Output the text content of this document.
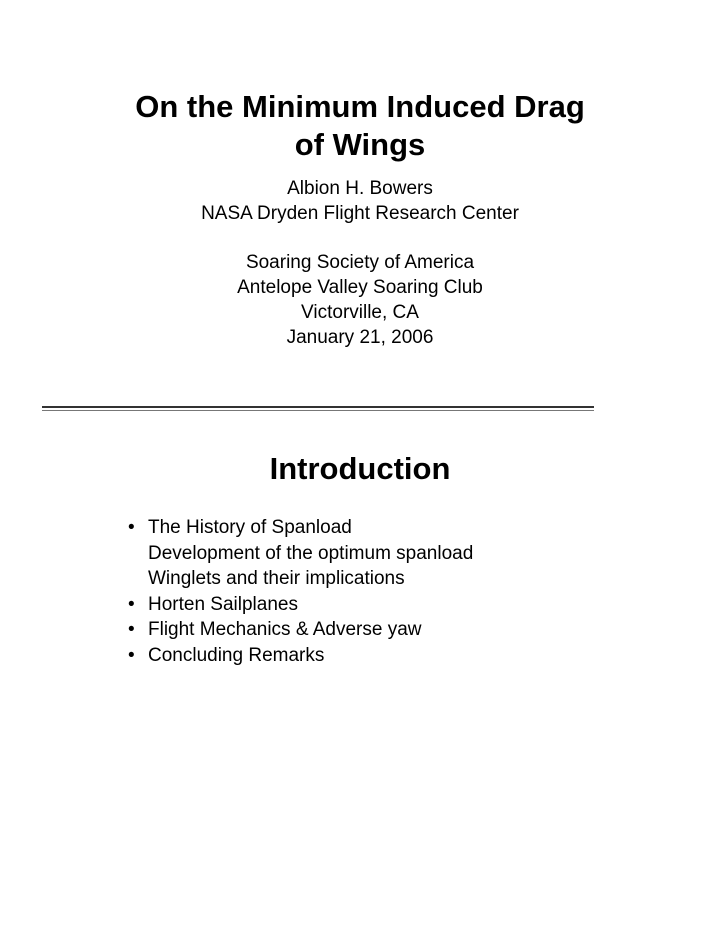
On the Minimum Induced Drag
of Wings
Albion H. Bowers
NASA Dryden Flight Research Center
Soaring Society of America
Antelope Valley Soaring Club
Victorville, CA
January 21, 2006
Introduction
• The History of Spanload
Development of the optimum spanload
Winglets and their implications
• Horten Sailplanes
• Flight Mechanics & Adverse yaw
• Concluding Remarks
